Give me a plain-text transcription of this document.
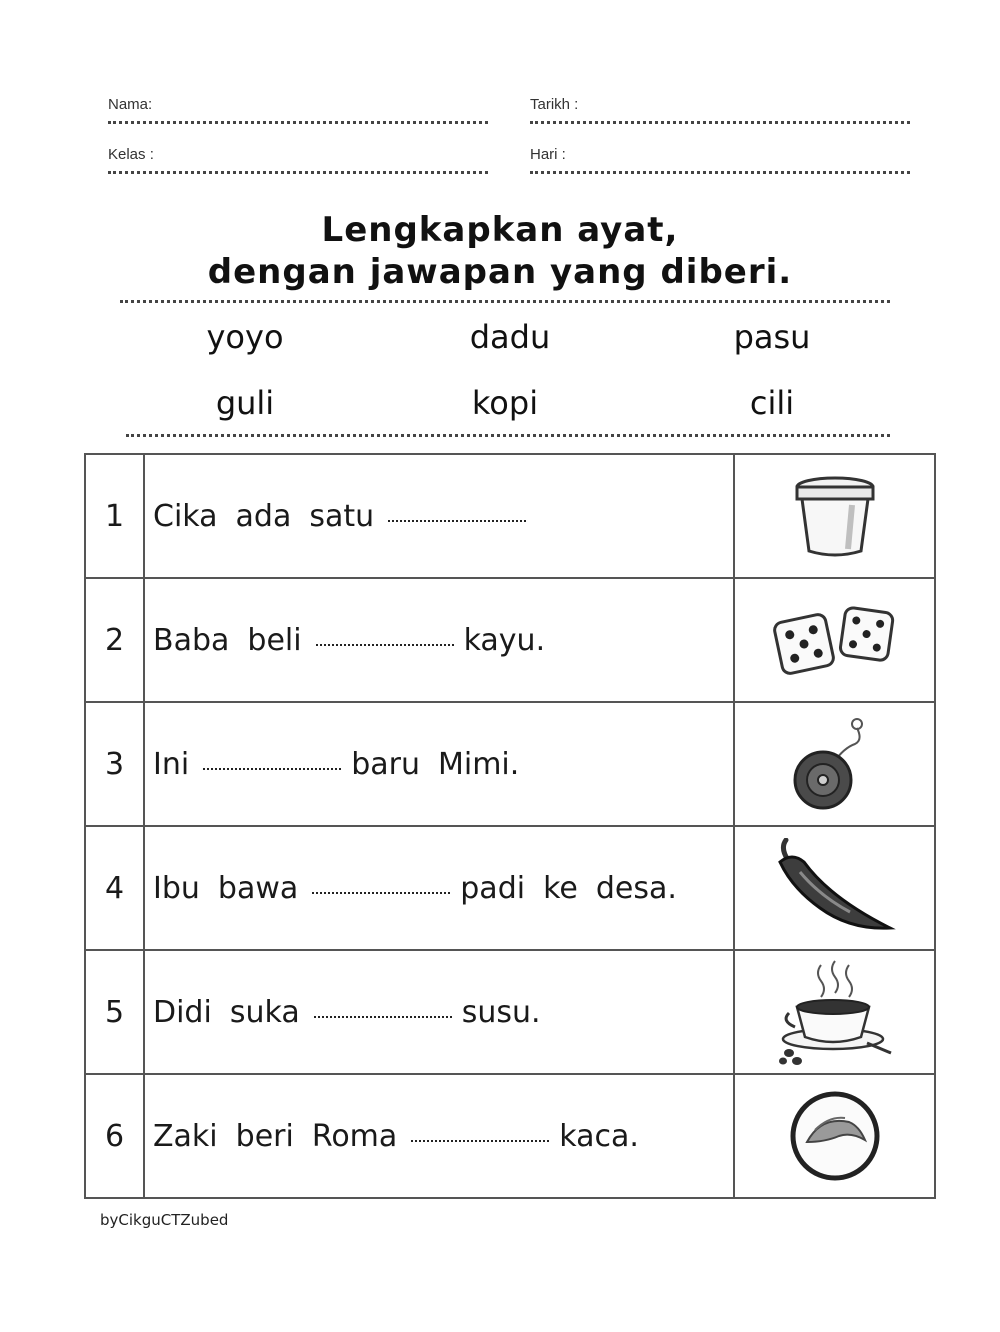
Nama:	Tarikh :
Kelas :	Hari :
Lengkapkan ayat,
dengan jawapan yang diberi.
yoyo	dadu	pasu
guli	kopi	cili
1	Cika ada satu	

2	Baba beli kayu.	

3	Ini baru Mimi.	

4	Ibu bawa padi ke desa.	

5	Didi suka susu.	

6	Zaki beri Roma kaca.	
byCikguCTZubed
